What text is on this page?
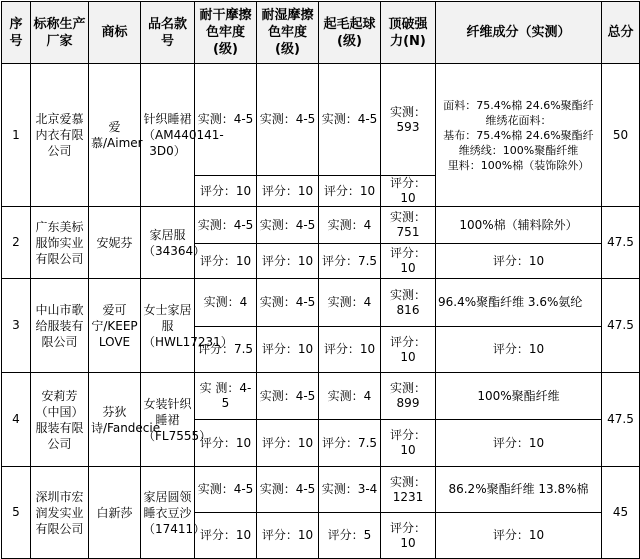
序号	标称生产厂家	商标	品名款号	耐干摩擦色牢度(级)	耐湿摩擦色牢度(级)	起毛起球(级)	顶破强力(N)	纤维成分（实测）	总分
1	北京爱慕内衣有限公司	爱慕/Aimer	针织睡裙（AM440141-3D0）	实测：4-5	实测：4-5	实测：4-5	实测：593	面料：75.4%棉 24.6%聚酯纤维绣花面料：
基布：75.4%棉 24.6%聚酯纤维绣线：100%聚酯纤维
里料：100%棉（装饰除外）	50
				评分：10	评分：10	评分：10	评分：10		
2	广东美标服饰实业有限公司	安妮芬	家居服（34364）	实测：4-5	实测：4-5	实测：4	实测：751	100%棉（辅料除外）	47.5
				评分：10	评分：10	评分：7.5	评分：10	评分：10	
3	中山市歌给服装有限公司	爱可宁/KEEP LOVE	女士家居服（HWL17231）	实测：4	实测：4-5	实测：4	实测：816	96.4%聚酯纤维 3.6%氨纶	47.5
				评分：7.5	评分：10	评分：10	评分：10	评分：10	
4	安莉芳（中国）服装有限公司	芬狄诗/Fandecie	女装针织睡裙（FL7555）	实 测：4-5	实测：4-5	实测：4	实测：899	100%聚酯纤维	47.5
				评分：10	评分：10	评分：7.5	评分：10	评分：10	
5	深圳市宏润发实业有限公司	白新莎	家居圆领睡衣豆沙（17411）	实测：4-5	实测：4-5	实测：3-4	实测：1231	86.2%聚酯纤维 13.8%棉	45
				评分：10	评分：10	评分：5	评分：10	评分：10	
